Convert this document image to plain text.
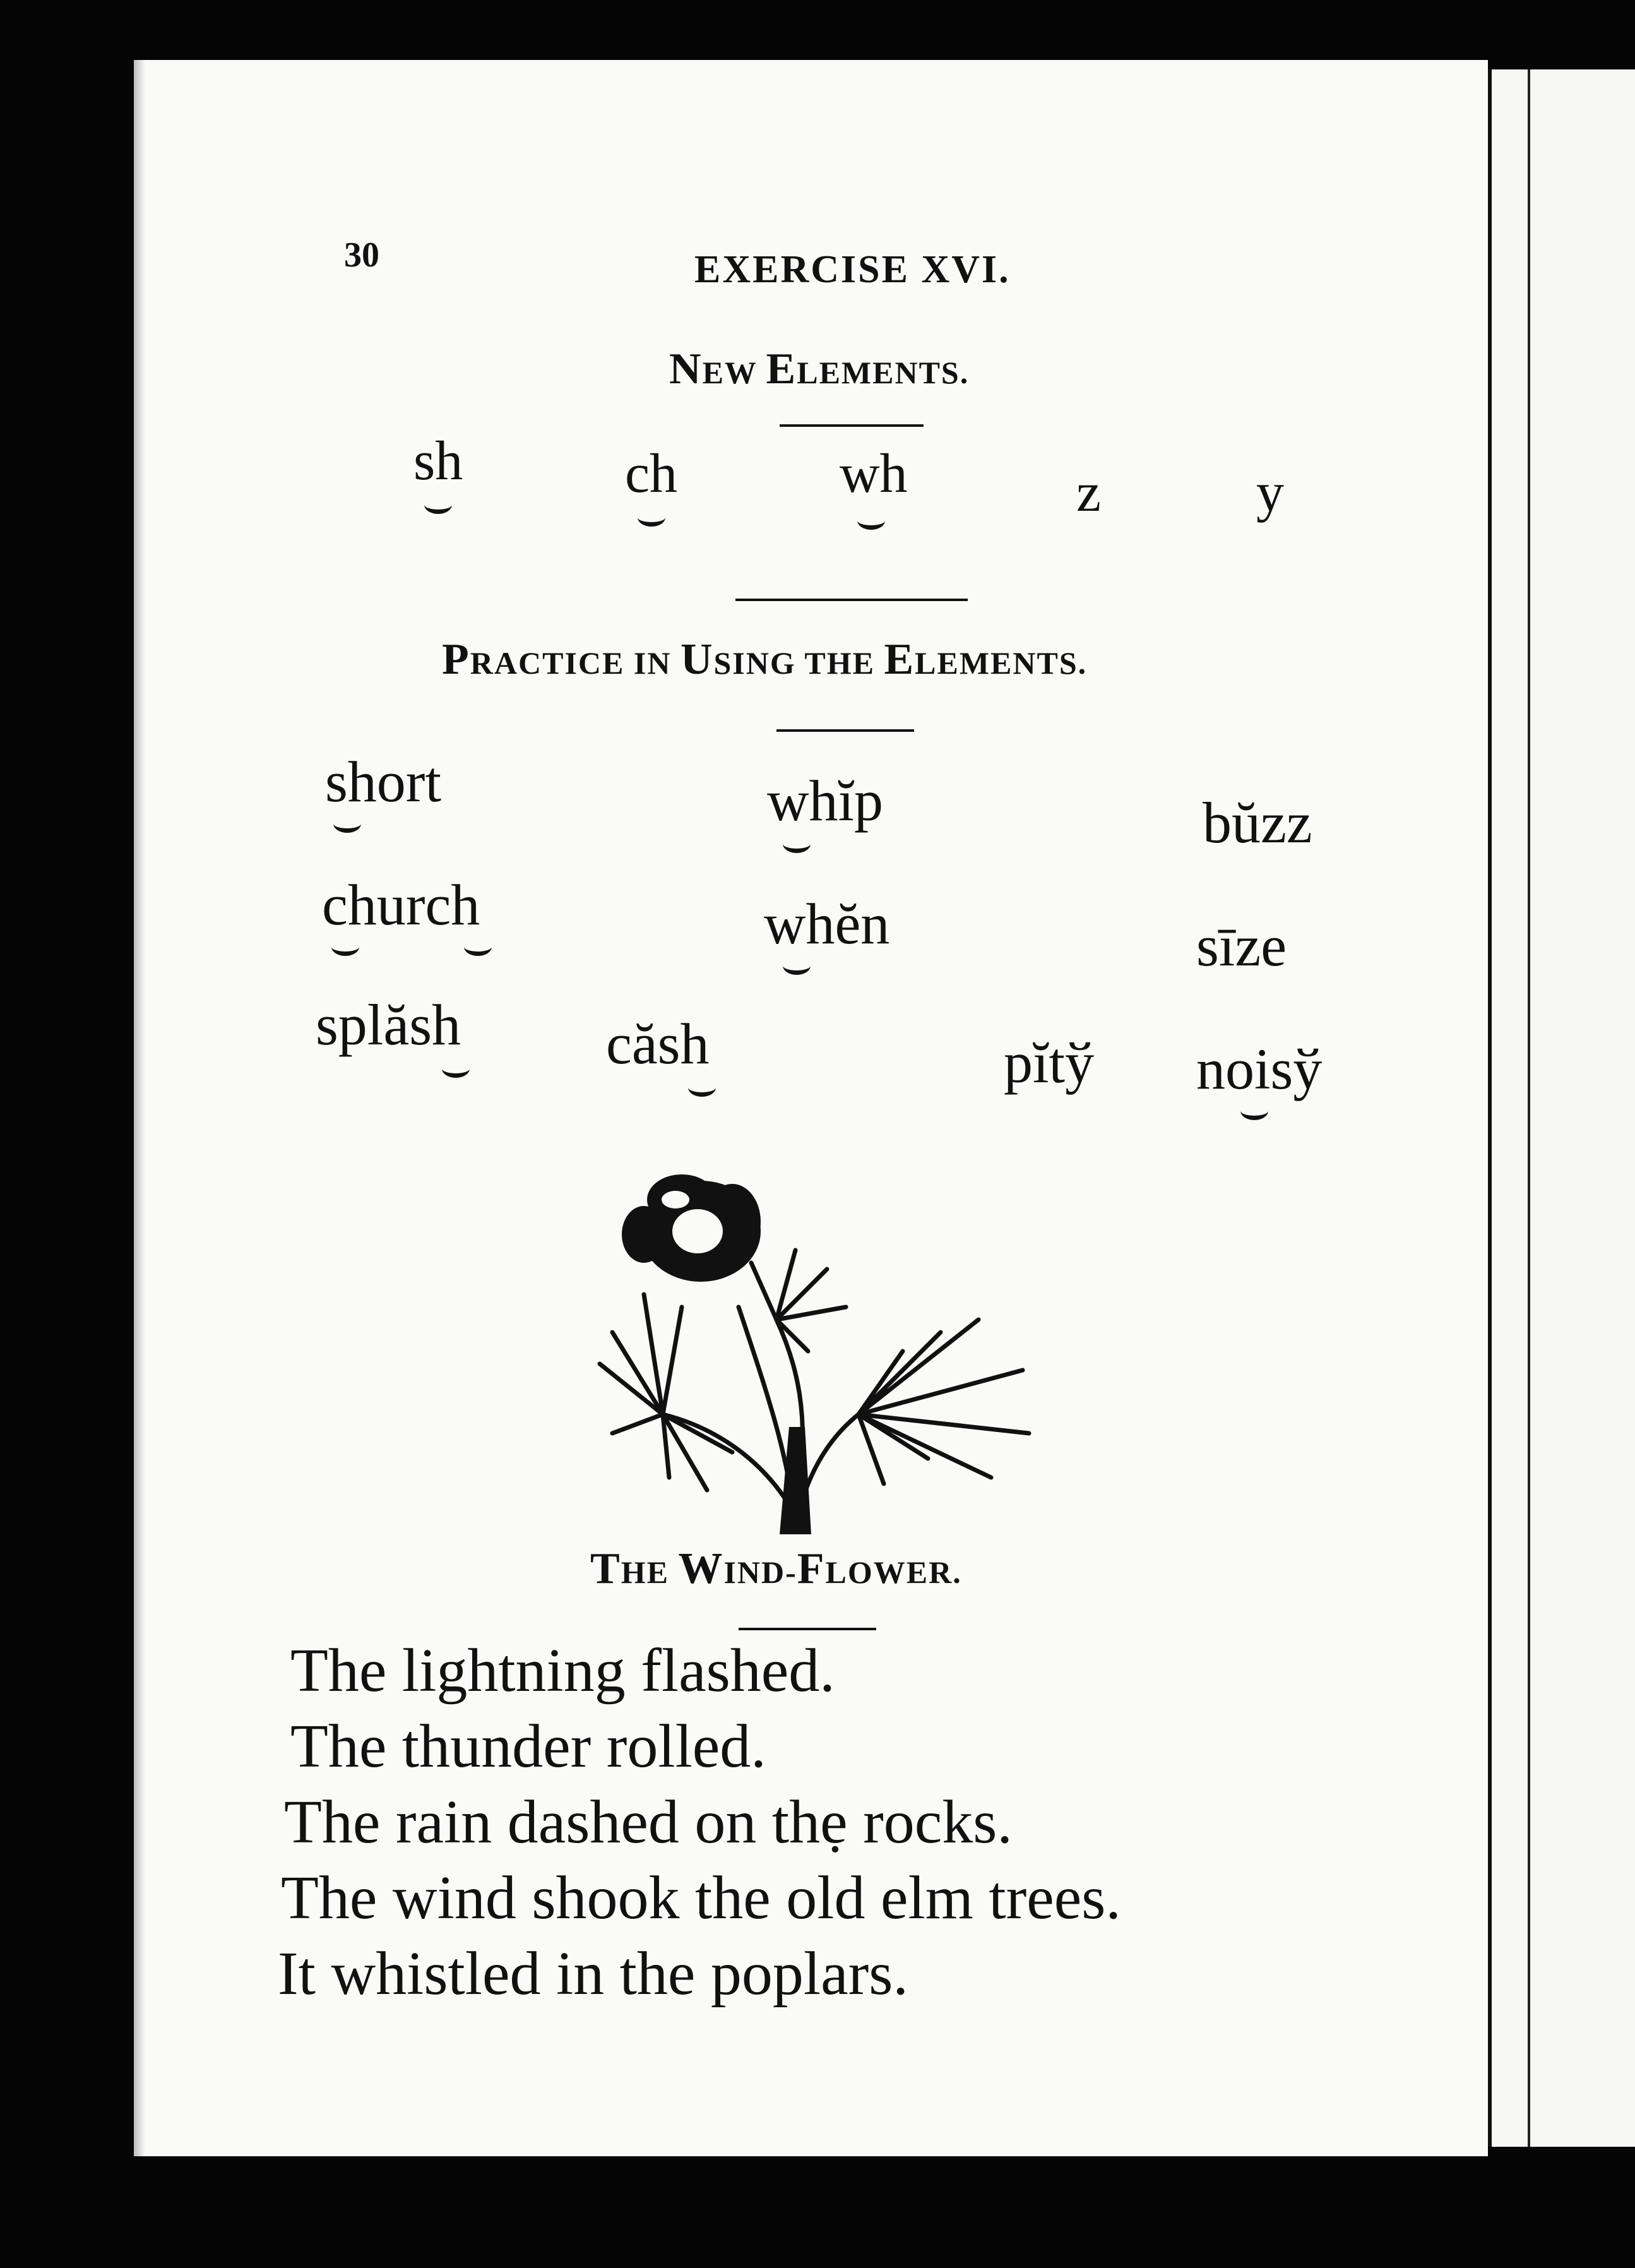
30	EXERCISE XVI.
NEW ELEMENTS.
sh	ch	wh	z	y
PRACTICE IN USING THE ELEMENTS.
short	whĭp	bŭzz
church	whĕn	sīze
splăsh	căsh	pĭtў noisў
THE WIND-FLOWER.
The lightning flashed.
The thunder rolled.
The rain dashed on thẹ rocks.
The wind shook the old elm trees.
It whistled in the poplars.
